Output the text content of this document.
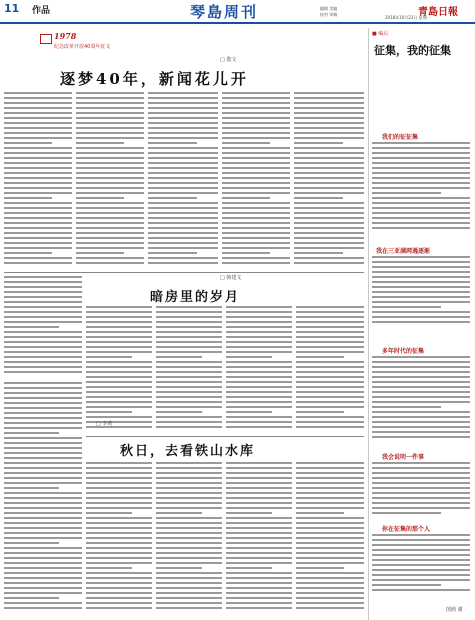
11 作品	琴島周刊	青島日報
2018年10月23日 星期一
编辑 美编
校对 审稿
1978
纪念改革开放40周年征文
逐梦40年，新闻花儿开
□ 散文
■ 编后
征集，我的征集
我们的征征集
我在三亚满网遇逐渐
多年时代的征集
我会说明一件事
你在征集的那个人
图画 谢
□ 韩建文
暗房里的岁月
□ 李黄
秋日，去看铁山水库
